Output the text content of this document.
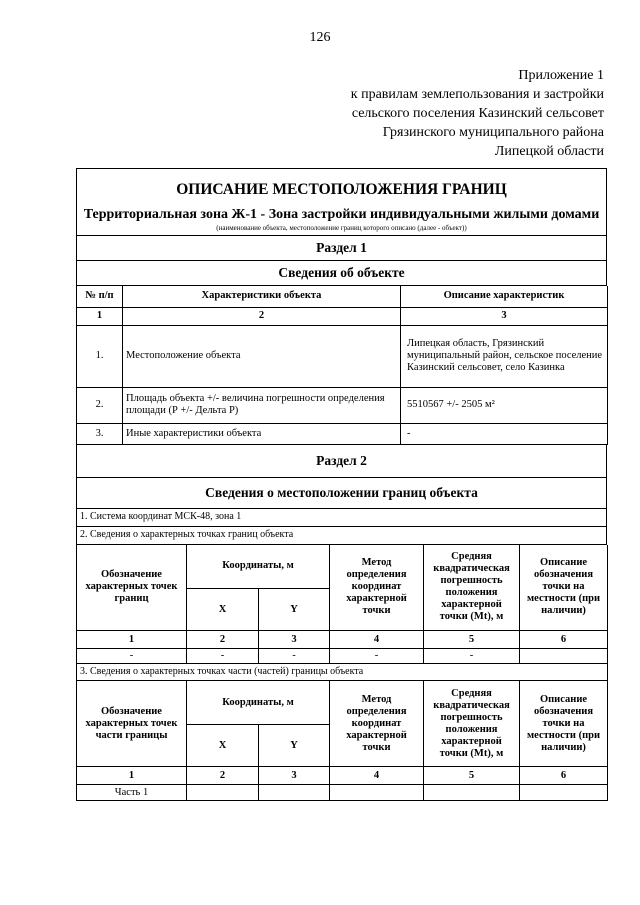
126
Приложение 1
к правилам землепользования и застройки
сельского поселения Казинский сельсовет
Грязинского муниципального района
Липецкой области
ОПИСАНИЕ МЕСТОПОЛОЖЕНИЯ ГРАНИЦ
Территориальная зона Ж-1 - Зона застройки индивидуальными жилыми домами
(наименование объекта, местоположение границ которого описано (далее - объект))
Раздел 1
Сведения об объекте
№ п/п	Характеристики объекта	Описание характеристик
1	2	3
1.	Местоположение объекта	Липецкая область, Грязинский муниципальный район, сельское поселение Казинский сельсовет, село Казинка
2.	Площадь объекта +/- величина погрешности определения площади (Р +/- Дельта Р)	5510567 +/- 2505 м²
3.	Иные характеристики объекта	-
Раздел 2
Сведения о местоположении границ объекта
1. Система координат МСК-48, зона 1
2. Сведения о характерных точках границ объекта
Обозначение характерных точек границ	Координаты, м		Метод определения координат характерной точки	Средняя квадратическая погрешность положения характерной точки (Mt), м	Описание обозначения точки на местности (при наличии)
	X	Y			
1	2	3	4	5	6
-	-	-	-	-	
3. Сведения о характерных точках части (частей) границы объекта					
Обозначение характерных точек части границы	Координаты, м		Метод определения координат характерной точки	Средняя квадратическая погрешность положения характерной точки (Mt), м	Описание обозначения точки на местности (при наличии)
	X	Y			
1	2	3	4	5	6
Часть 1					
